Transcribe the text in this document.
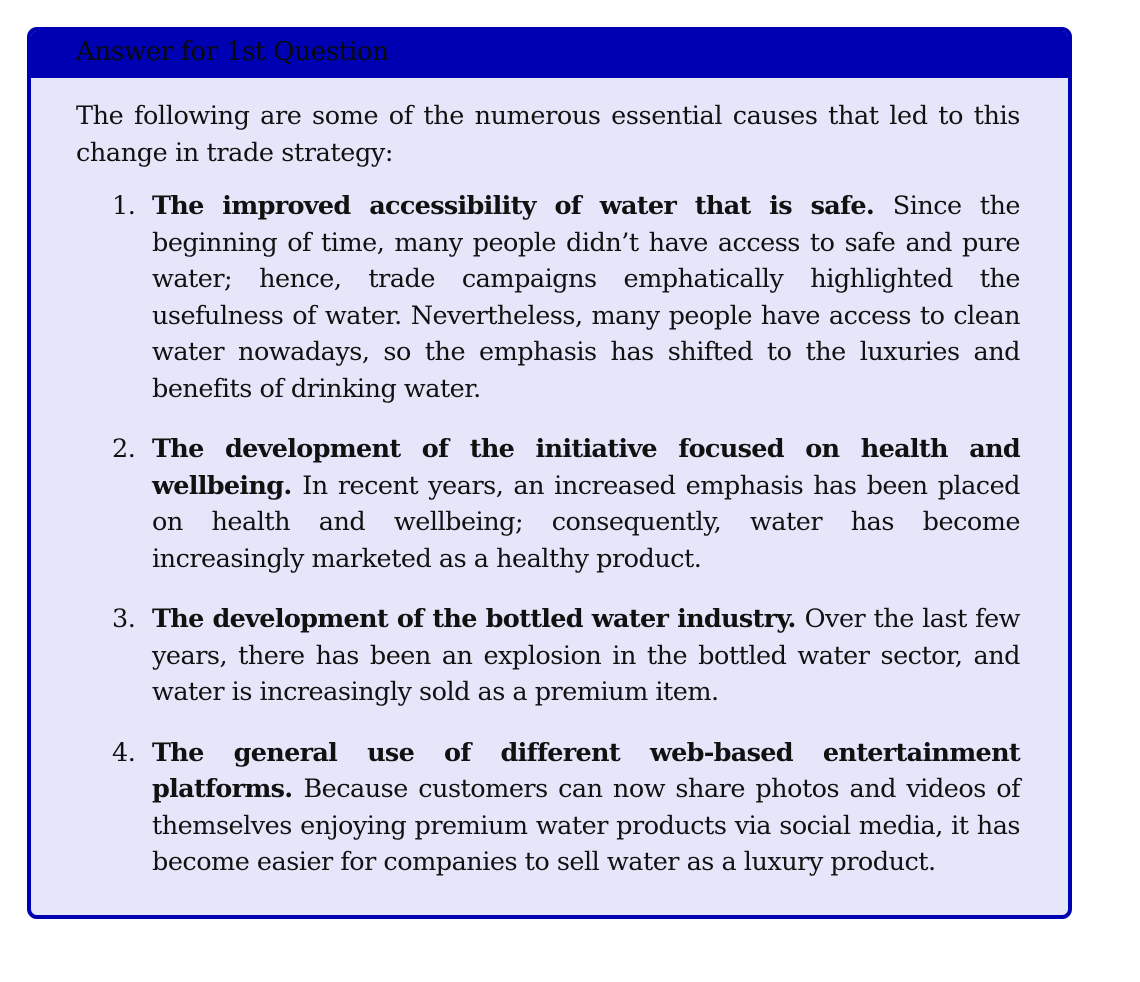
Answer for 1st Question

The following are some of the numerous essential causes that led to this change in trade strategy:

1. The improved accessibility of water that is safe. Since the beginning of time, many people didn’t have access to safe and pure water; hence, trade campaigns emphatically highlighted the usefulness of water. Nevertheless, many people have access to clean water nowadays, so the emphasis has shifted to the luxuries and benefits of drinking water.
2. The development of the initiative focused on health and wellbeing. In recent years, an increased emphasis has been placed on health and wellbeing; consequently, water has become increasingly marketed as a healthy product.
3. The development of the bottled water industry. Over the last few years, there has been an explosion in the bottled water sector, and water is increasingly sold as a premium item.
4. The general use of different web-based entertainment platforms. Because customers can now share photos and videos of themselves enjoying premium water products via social media, it has become easier for companies to sell water as a luxury product.
